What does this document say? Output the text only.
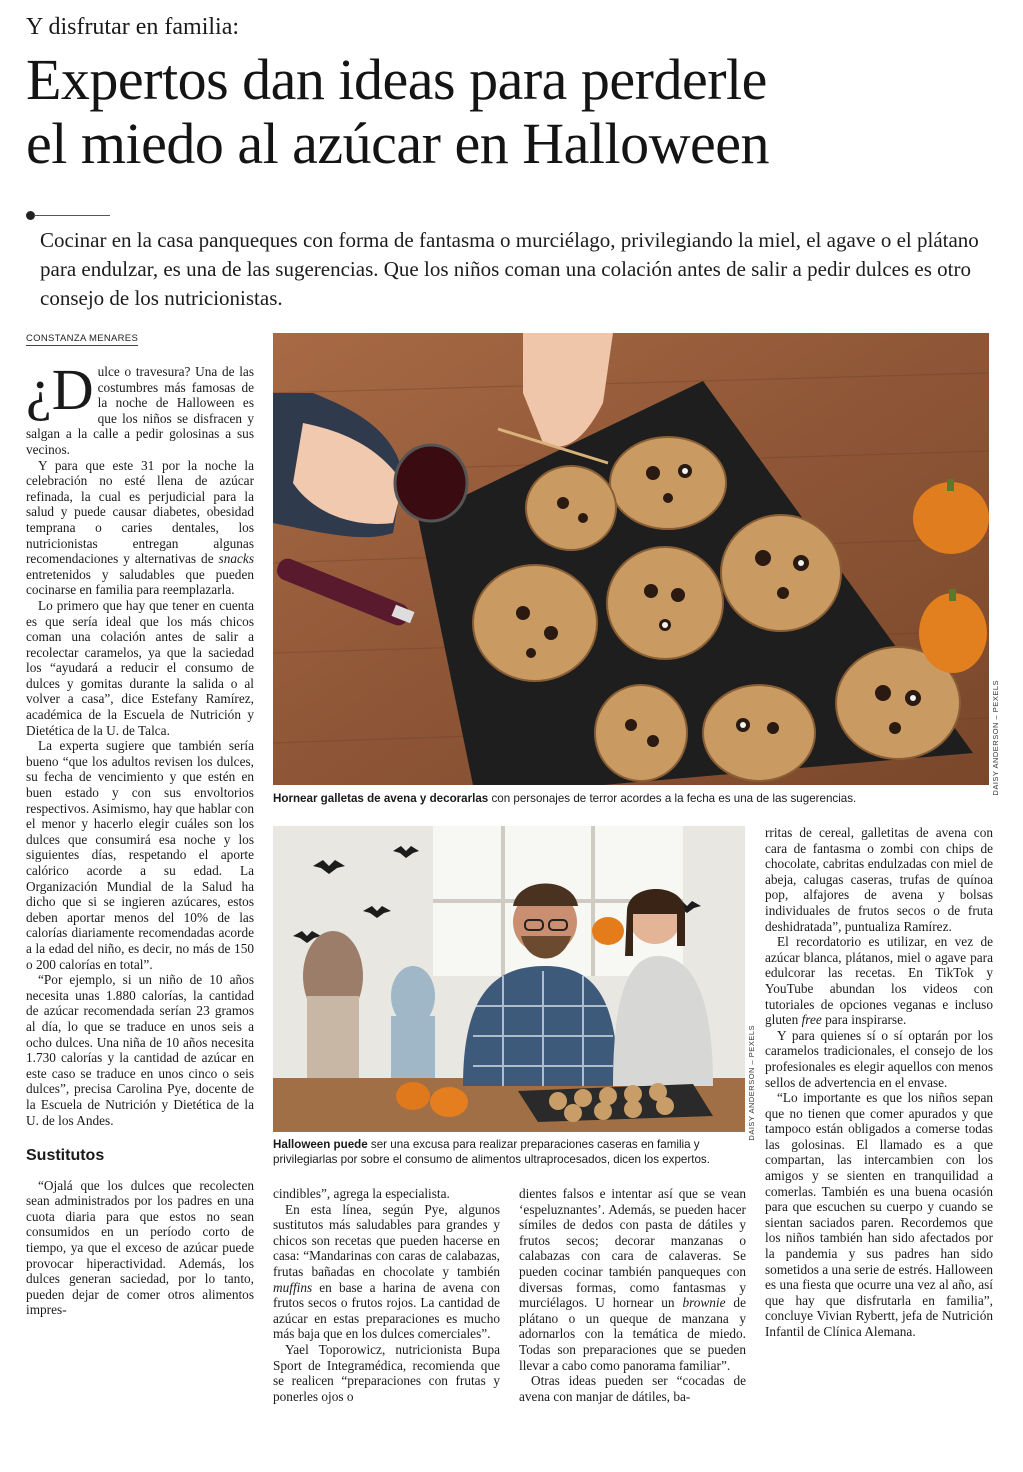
Y disfrutar en familia:
Expertos dan ideas para perderle
el miedo al azúcar en Halloween

Cocinar en la casa panqueques con forma de fantasma o murciélago, privilegiando la miel, el agave o el plátano para endulzar, es una de las sugerencias. Que los niños coman una colación antes de salir a pedir dulces es otro consejo de los nutricionistas.

CONSTANZA MENARES
DAISY ANDERSON – PEXELS
Hornear galletas de avena y decorarlas con personajes de terror acordes a la fecha es una de las sugerencias.
DAISY ANDERSON – PEXELS
Halloween puede ser una excusa para realizar preparaciones caseras en familia y privilegiarlas por sobre el consumo de alimentos ultraprocesados, dicen los expertos.

¿D ulce o travesura? Una de las costumbres más famosas de la noche de Halloween es que los niños se disfracen y salgan a la calle a pedir golosinas a sus vecinos.

Y para que este 31 por la noche la celebración no esté llena de azúcar refinada, la cual es perjudicial para la salud y puede causar diabetes, obesidad temprana o caries dentales, los nutricionistas entregan algunas recomendaciones y alternativas de snacks entretenidos y saludables que pueden cocinarse en familia para reemplazarla.

Lo primero que hay que tener en cuenta es que sería ideal que los más chicos coman una colación antes de salir a recolectar caramelos, ya que la saciedad los “ayudará a reducir el consumo de dulces y gomitas durante la salida o al volver a casa”, dice Estefany Ramírez, académica de la Escuela de Nutrición y Dietética de la U. de Talca.

La experta sugiere que también sería bueno “que los adultos revisen los dulces, su fecha de vencimiento y que estén en buen estado y con sus envoltorios respectivos. Asimismo, hay que hablar con el menor y hacerlo elegir cuáles son los dulces que consumirá esa noche y los siguientes días, respetando el aporte calórico acorde a su edad. La Organización Mundial de la Salud ha dicho que si se ingieren azúcares, estos deben aportar menos del 10% de las calorías diariamente recomendadas acorde a la edad del niño, es decir, no más de 150 o 200 calorías en total”.

“Por ejemplo, si un niño de 10 años necesita unas 1.880 calorías, la cantidad de azúcar recomendada serían 23 gramos al día, lo que se traduce en unos seis a ocho dulces. Una niña de 10 años necesita 1.730 calorías y la cantidad de azúcar en este caso se traduce en unos cinco o seis dulces”, precisa Carolina Pye, docente de la Escuela de Nutrición y Dietética de la U. de los Andes.

Sustitutos

“Ojalá que los dulces que recolecten sean administrados por los padres en una cuota diaria para que estos no sean consumidos en un período corto de tiempo, ya que el exceso de azúcar puede provocar hiperactividad. Además, los dulces generan saciedad, por lo tanto, pueden dejar de comer otros alimentos impres-

cindibles”, agrega la especialista.

En esta línea, según Pye, algunos sustitutos más saludables para grandes y chicos son recetas que pueden hacerse en casa: “Mandarinas con caras de calabazas, frutas bañadas en chocolate y también muffins en base a harina de avena con frutos secos o frutos rojos. La cantidad de azúcar en estas preparaciones es mucho más baja que en los dulces comerciales”.

Yael Toporowicz, nutricionista Bupa Sport de Integramédica, recomienda que se realicen “preparaciones con frutas y ponerles ojos o

dientes falsos e intentar así que se vean ‘espeluznantes’. Además, se pueden hacer símiles de dedos con pasta de dátiles y frutos secos; decorar manzanas o calabazas con cara de calaveras. Se pueden cocinar también panqueques con diversas formas, como fantasmas y murciélagos. U hornear un brownie de plátano o un queque de manzana y adornarlos con la temática de miedo. Todas son preparaciones que se pueden llevar a cabo como panorama familiar”.

Otras ideas pueden ser “cocadas de avena con manjar de dátiles, ba-

rritas de cereal, galletitas de avena con cara de fantasma o zombi con chips de chocolate, cabritas endulzadas con miel de abeja, calugas caseras, trufas de quínoa pop, alfajores de avena y bolsas individuales de frutos secos o de fruta deshidratada”, puntualiza Ramírez.

El recordatorio es utilizar, en vez de azúcar blanca, plátanos, miel o agave para edulcorar las recetas. En TikTok y YouTube abundan los videos con tutoriales de opciones veganas e incluso gluten free para inspirarse.

Y para quienes sí o sí optarán por los caramelos tradicionales, el consejo de los profesionales es elegir aquellos con menos sellos de advertencia en el envase.

“Lo importante es que los niños sepan que no tienen que comer apurados y que tampoco están obligados a comerse todas las golosinas. El llamado es a que compartan, las intercambien con los amigos y se sienten en tranquilidad a comerlas. También es una buena ocasión para que escuchen su cuerpo y cuando se sientan saciados paren. Recordemos que los niños también han sido afectados por la pandemia y sus padres han sido sometidos a una serie de estrés. Halloween es una fiesta que ocurre una vez al año, así que hay que disfrutarla en familia”, concluye Vivian Rybertt, jefa de Nutrición Infantil de Clínica Alemana.
